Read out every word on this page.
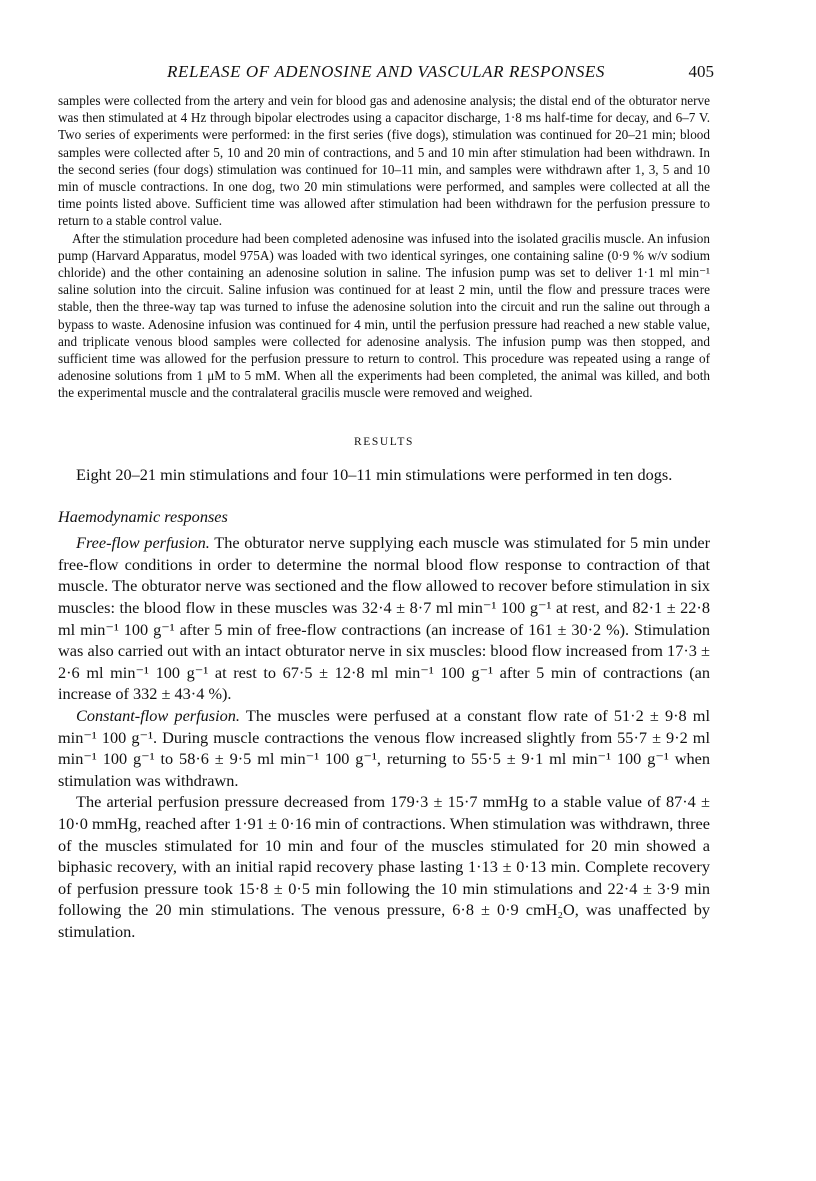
RELEASE OF ADENOSINE AND VASCULAR RESPONSES	405

samples were collected from the artery and vein for blood gas and adenosine analysis; the distal end of the obturator nerve was then stimulated at 4 Hz through bipolar electrodes using a capacitor discharge, 1·8 ms half-time for decay, and 6–7 V. Two series of experiments were performed: in the first series (five dogs), stimulation was continued for 20–21 min; blood samples were collected after 5, 10 and 20 min of contractions, and 5 and 10 min after stimulation had been withdrawn. In the second series (four dogs) stimulation was continued for 10–11 min, and samples were withdrawn after 1, 3, 5 and 10 min of muscle contractions. In one dog, two 20 min stimulations were performed, and samples were collected at all the time points listed above. Sufficient time was allowed after stimulation had been withdrawn for the perfusion pressure to return to a stable control value.

After the stimulation procedure had been completed adenosine was infused into the isolated gracilis muscle. An infusion pump (Harvard Apparatus, model 975A) was loaded with two identical syringes, one containing saline (0·9 % w/v sodium chloride) and the other containing an adenosine solution in saline. The infusion pump was set to deliver 1·1 ml min⁻¹ saline solution into the circuit. Saline infusion was continued for at least 2 min, until the flow and pressure traces were stable, then the three-way tap was turned to infuse the adenosine solution into the circuit and run the saline out through a bypass to waste. Adenosine infusion was continued for 4 min, until the perfusion pressure had reached a new stable value, and triplicate venous blood samples were collected for adenosine analysis. The infusion pump was then stopped, and sufficient time was allowed for the perfusion pressure to return to control. This procedure was repeated using a range of adenosine solutions from 1 μM to 5 mM. When all the experiments had been completed, the animal was killed, and both the experimental muscle and the contralateral gracilis muscle were removed and weighed.

RESULTS

Eight 20–21 min stimulations and four 10–11 min stimulations were performed in ten dogs.

Haemodynamic responses

Free-flow perfusion. The obturator nerve supplying each muscle was stimulated for 5 min under free-flow conditions in order to determine the normal blood flow response to contraction of that muscle. The obturator nerve was sectioned and the flow allowed to recover before stimulation in six muscles: the blood flow in these muscles was 32·4 ± 8·7 ml min⁻¹ 100 g⁻¹ at rest, and 82·1 ± 22·8 ml min⁻¹ 100 g⁻¹ after 5 min of free-flow contractions (an increase of 161 ± 30·2 %). Stimulation was also carried out with an intact obturator nerve in six muscles: blood flow increased from 17·3 ± 2·6 ml min⁻¹ 100 g⁻¹ at rest to 67·5 ± 12·8 ml min⁻¹ 100 g⁻¹ after 5 min of contractions (an increase of 332 ± 43·4 %).

Constant-flow perfusion. The muscles were perfused at a constant flow rate of 51·2 ± 9·8 ml min⁻¹ 100 g⁻¹. During muscle contractions the venous flow increased slightly from 55·7 ± 9·2 ml min⁻¹ 100 g⁻¹ to 58·6 ± 9·5 ml min⁻¹ 100 g⁻¹, returning to 55·5 ± 9·1 ml min⁻¹ 100 g⁻¹ when stimulation was withdrawn.

The arterial perfusion pressure decreased from 179·3 ± 15·7 mmHg to a stable value of 87·4 ± 10·0 mmHg, reached after 1·91 ± 0·16 min of contractions. When stimulation was withdrawn, three of the muscles stimulated for 10 min and four of the muscles stimulated for 20 min showed a biphasic recovery, with an initial rapid recovery phase lasting 1·13 ± 0·13 min. Complete recovery of perfusion pressure took 15·8 ± 0·5 min following the 10 min stimulations and 22·4 ± 3·9 min following the 20 min stimulations. The venous pressure, 6·8 ± 0·9 cmH₂O, was unaffected by stimulation.
